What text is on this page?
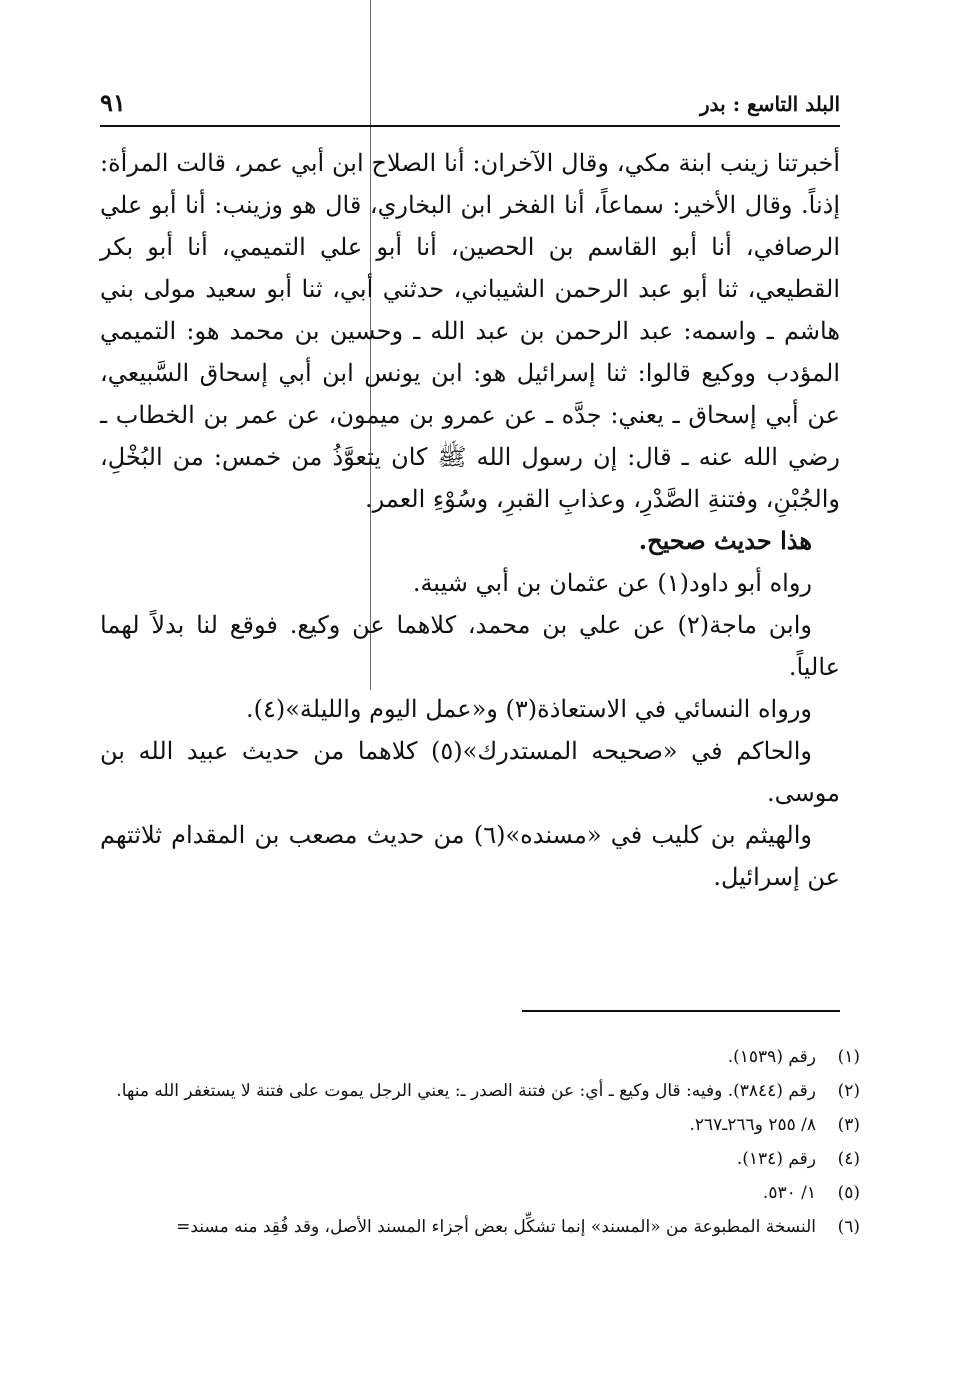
البلد التاسع : بدر
٩١

أخبرتنا زينب ابنة مكي، وقال الآخران: أنا الصلاح ابن أبي عمر، قالت المرأة: إذناً. وقال الأخير: سماعاً، أنا الفخر ابن البخاري، قال هو وزينب: أنا أبو علي الرصافي، أنا أبو القاسم بن الحصين، أنا أبو علي التميمي، أنا أبو بكر القطيعي، ثنا أبو عبد الرحمن الشيباني، حدثني أبي، ثنا أبو سعيد مولى بني هاشم ـ واسمه: عبد الرحمن بن عبد الله ـ وحسين بن محمد هو: التميمي المؤدب ووكيع قالوا: ثنا إسرائيل هو: ابن يونس ابن أبي إسحاق السَّبيعي، عن أبي إسحاق ـ يعني: جدَّه ـ عن عمرو بن ميمون، عن عمر بن الخطاب ـ رضي الله عنه ـ قال: إن رسول الله ﷺ كان يتعوَّذُ من خمس: من البُخْلِ، والجُبْنِ، وفتنةِ الصَّدْرِ، وعذابِ القبرِ، وسُوْءِ العمر.

هذا حديث صحيح.

رواه أبو داود(١) عن عثمان بن أبي شيبة.

وابن ماجة(٢) عن علي بن محمد، كلاهما عن وكيع. فوقع لنا بدلاً لهما عالياً.

ورواه النسائي في الاستعاذة(٣) و«عمل اليوم والليلة»(٤).

والحاكم في «صحيحه المستدرك»(٥) كلاهما من حديث عبيد الله بن موسى.

والهيثم بن كليب في «مسنده»(٦) من حديث مصعب بن المقدام ثلاثتهم عن إسرائيل.

(١)
رقم (١٥٣٩).
(٢)
رقم (٣٨٤٤). وفيه: قال وكيع ـ أي: عن فتنة الصدر ـ: يعني الرجل يموت على فتنة لا يستغفر الله منها.
(٣)
٨/ ٢٥٥ و٢٦٦ـ٢٦٧.
(٤)
رقم (١٣٤).
(٥)
١/ ٥٣٠.
(٦)
النسخة المطبوعة من «المسند» إنما تشكِّل بعض أجزاء المسند الأصل، وقد فُقِد منه مسند=
